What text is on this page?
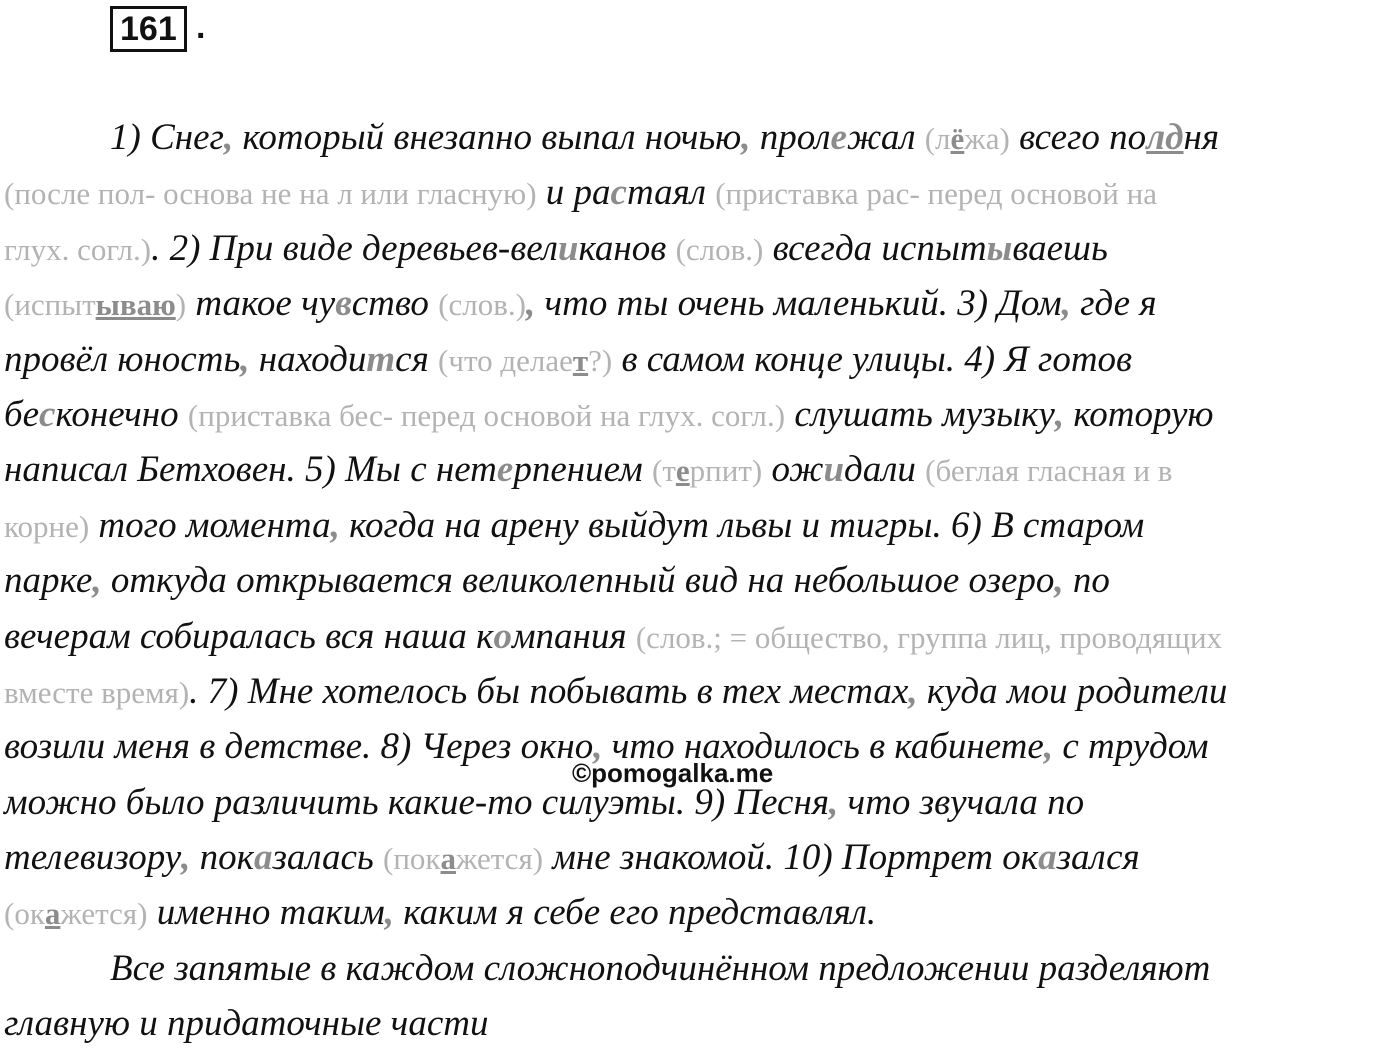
161 .
1) Снег, который внезапно выпал ночью, пролежал (лёжа) всего полдня
(после пол- основа не на л или гласную) и растаял (приставка рас- перед основой на
глух. согл.). 2) При виде деревьев-великанов (слов.) всегда испытываешь
(испытываю) такое чувство (слов.), что ты очень маленький. 3) Дом, где я
провёл юность, находится (что делает?) в самом конце улицы. 4) Я готов
бесконечно (приставка бес- перед основой на глух. согл.) слушать музыку, которую
написал Бетховен. 5) Мы с нетерпением (терпит) ожидали (беглая гласная и в
корне) того момента, когда на арену выйдут львы и тигры. 6) В старом
парке, откуда открывается великолепный вид на небольшое озеро, по
вечерам собиралась вся наша компания (слов.; = общество, группа лиц, проводящих
вместе время). 7) Мне хотелось бы побывать в тех местах, куда мои родители
возили меня в детстве. 8) Через окно, что находилось в кабинете, с трудом
можно было различить какие-то силуэты. 9) Песня, что звучала по
телевизору, показалась (покажется) мне знакомой. 10) Портрет оказался
(окажется) именно таким, каким я себе его представлял.
Все запятые в каждом сложноподчинённом предложении разделяют
главную и придаточные части
©pomogalka.me
